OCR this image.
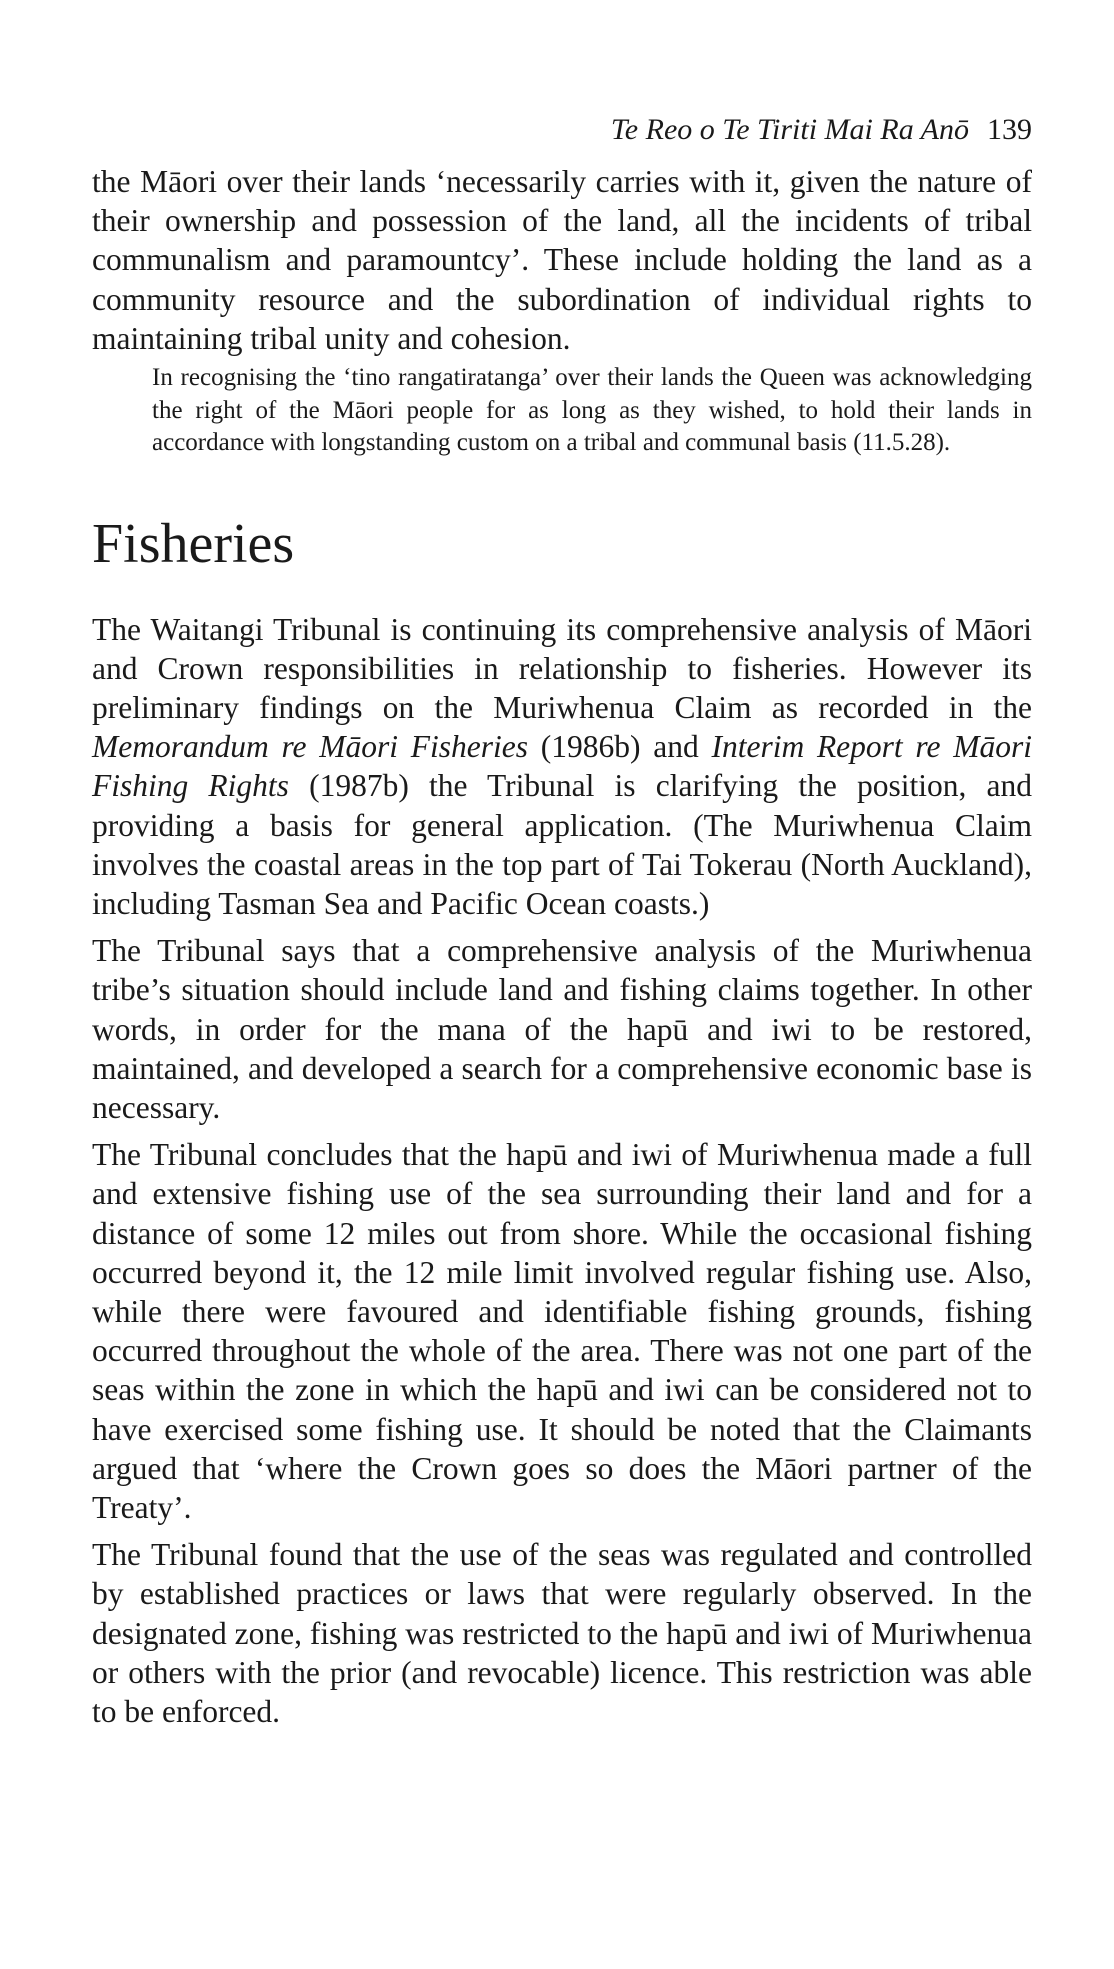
Te Reo o Te Tiriti Mai Ra Anō 139

the Māori over their lands ‘necessarily carries with it, given the nature of their ownership and possession of the land, all the incidents of tribal communalism and paramountcy’. These include holding the land as a community resource and the subordination of individual rights to maintaining tribal unity and cohesion.

In recognising the ‘tino rangatiratanga’ over their lands the Queen was acknowledging the right of the Māori people for as long as they wished, to hold their lands in accordance with longstanding custom on a tribal and communal basis (11.5.28).
Fisheries

The Waitangi Tribunal is continuing its comprehensive analysis of Māori and Crown responsibilities in relationship to fisheries. However its preliminary findings on the Muriwhenua Claim as recorded in the Memorandum re Māori Fisheries (1986b) and Interim Report re Māori Fishing Rights (1987b) the Tribunal is clarifying the position, and providing a basis for general application. (The Muriwhenua Claim involves the coastal areas in the top part of Tai Tokerau (North Auckland), including Tasman Sea and Pacific Ocean coasts.)

The Tribunal says that a comprehensive analysis of the Muriwhenua tribe’s situation should include land and fishing claims together. In other words, in order for the mana of the hapū and iwi to be restored, maintained, and developed a search for a comprehensive economic base is necessary.

The Tribunal concludes that the hapū and iwi of Muriwhenua made a full and extensive fishing use of the sea surrounding their land and for a distance of some 12 miles out from shore. While the occasional fishing occurred beyond it, the 12 mile limit involved regular fishing use. Also, while there were favoured and identifiable fishing grounds, fishing occurred throughout the whole of the area. There was not one part of the seas within the zone in which the hapū and iwi can be considered not to have exercised some fishing use. It should be noted that the Claimants argued that ‘where the Crown goes so does the Māori partner of the Treaty’.

The Tribunal found that the use of the seas was regulated and controlled by established practices or laws that were regularly observed. In the designated zone, fishing was restricted to the hapū and iwi of Muriwhenua or others with the prior (and revocable) licence. This restriction was able to be enforced.
